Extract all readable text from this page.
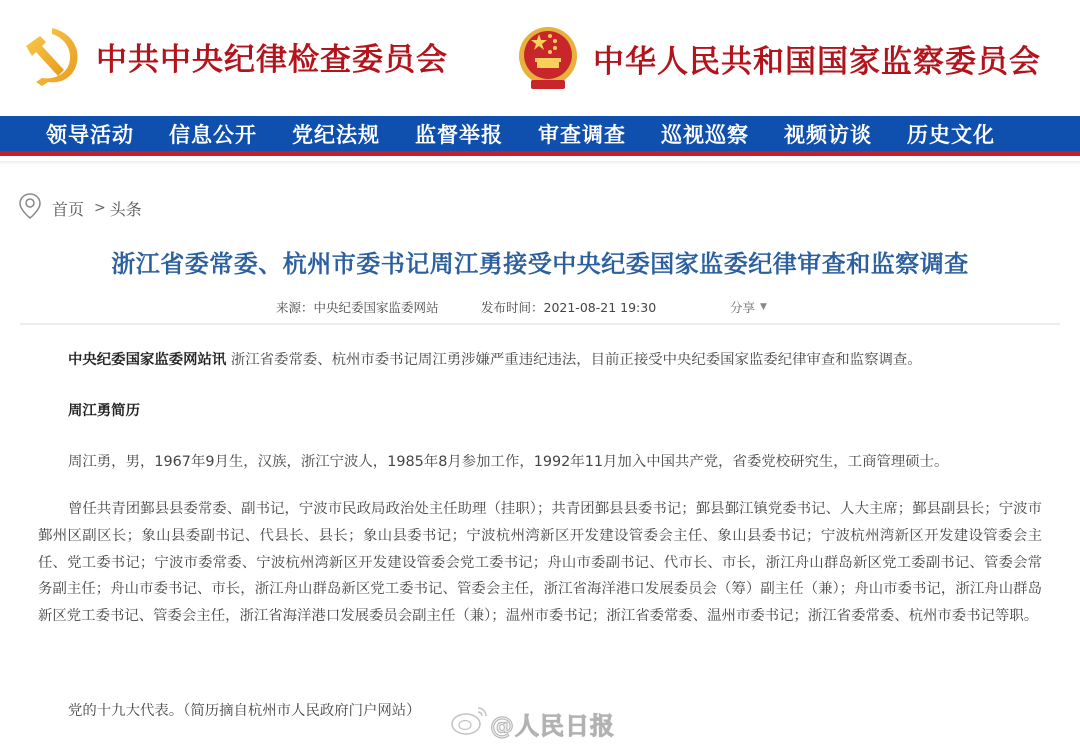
中共中央纪律检查委员会	中华人民共和国国家监察委员会
领导活动 信息公开 党纪法规 监督举报 审查调查 巡视巡察 视频访谈 历史文化
首页 > 头条
浙江省委常委、杭州市委书记周江勇接受中央纪委国家监委纪律审查和监察调查
来源：中央纪委国家监委网站	发布时间：2021-08-21 19:30	分享 ▼

中央纪委国家监委网站讯 浙江省委常委、杭州市委书记周江勇涉嫌严重违纪违法，目前正接受中央纪委国家监委纪律审查和监察调查。

周江勇简历

周江勇，男，1967年9月生，汉族，浙江宁波人，1985年8月参加工作，1992年11月加入中国共产党，省委党校研究生，工商管理硕士。

曾任共青团鄞县县委常委、副书记，宁波市民政局政治处主任助理（挂职）；共青团鄞县县委书记；鄞县鄞江镇党委书记、人大主席；鄞县副县长；宁波市鄞州区副区长；象山县委副书记、代县长、县长；象山县委书记；宁波杭州湾新区开发建设管委会主任、象山县委书记；宁波杭州湾新区开发建设管委会主任、党工委书记；宁波市委常委、宁波杭州湾新区开发建设管委会党工委书记；舟山市委副书记、代市长、市长，浙江舟山群岛新区党工委副书记、管委会常务副主任；舟山市委书记、市长，浙江舟山群岛新区党工委书记、管委会主任，浙江省海洋港口发展委员会（筹）副主任（兼）；舟山市委书记，浙江舟山群岛新区党工委书记、管委会主任，浙江省海洋港口发展委员会副主任（兼）；温州市委书记；浙江省委常委、温州市委书记；浙江省委常委、杭州市委书记等职。

党的十九大代表。（简历摘自杭州市人民政府门户网站）

@人民日报
